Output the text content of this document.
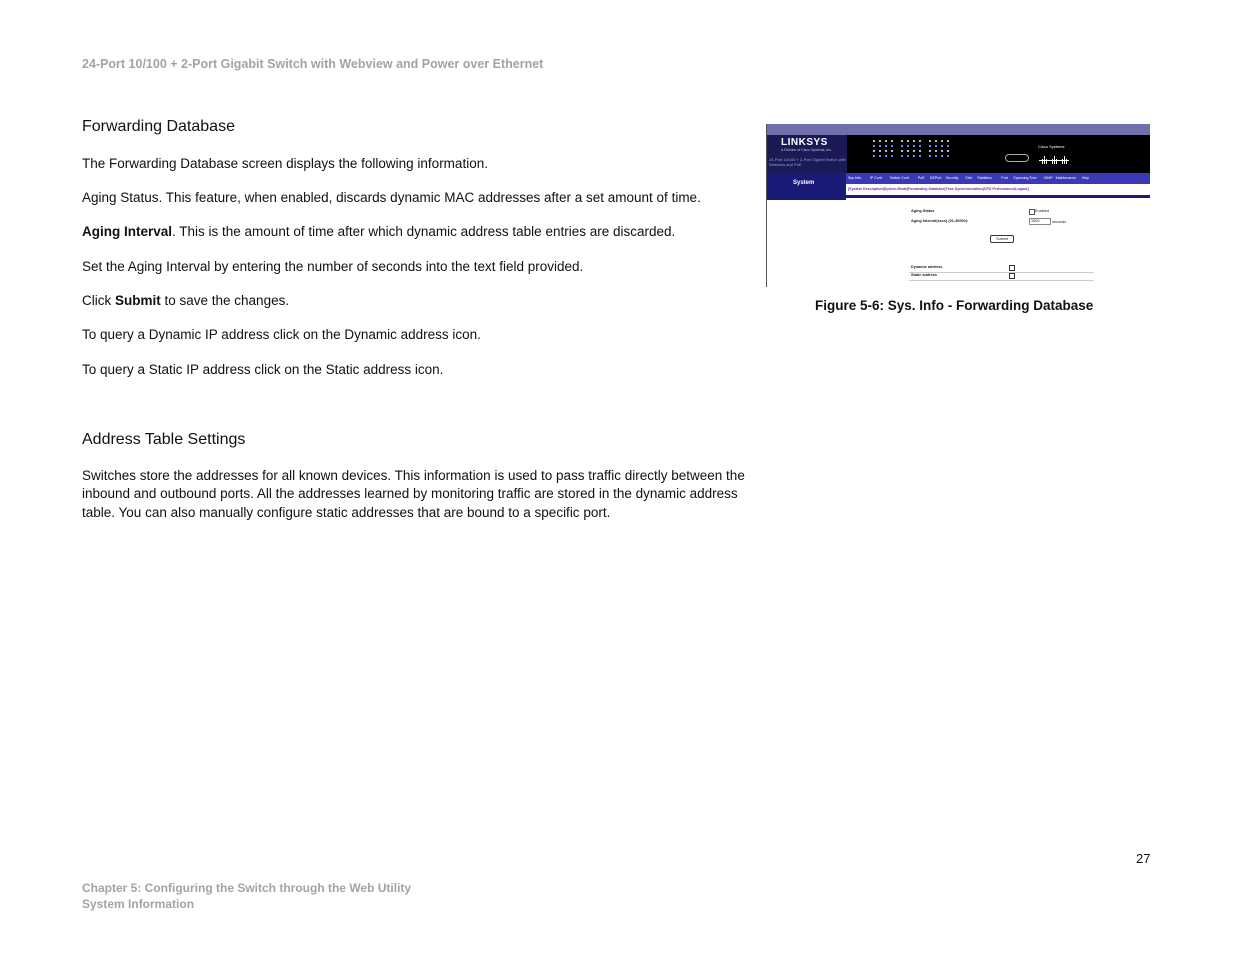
24-Port 10/100 + 2-Port Gigabit Switch with Webview and Power over Ethernet
Forwarding Database
The Forwarding Database screen displays the following information.
Aging Status. This feature, when enabled, discards dynamic MAC addresses after a set amount of time.
Aging Interval. This is the amount of time after which dynamic address table entries are discarded.
Set the Aging Interval by entering the number of seconds into the text field provided.
Click Submit to save the changes.
To query a Dynamic IP address click on the Dynamic address icon.
To query a Static IP address click on the Static address icon.
Address Table Settings
Switches store the addresses for all known devices. This information is used to pass traffic directly between the
inbound and outbound ports. All the addresses learned by monitoring traffic are stored in the dynamic address
table. You can also manually configure static addresses that are bound to a specific port.
LINKSYS
A Division of Cisco Systems, Inc.
24-Port 10/100 + 2-Port Gigabit Switch with Webview and PoE
Cisco Systems
System
Sys.Info. IP Conf. Switch Conf. PoE DEPort Security Stat Statistics	Port Spanning Tree IGMP Maintenance Help
[System Description|System Mode|Forwarding Database|Time Synchronization|CPU Performance|Logout]
Aging Status	Enabled
Aging Interval(secs) (01-30000):	1500	seconds
Submit
Dynamic address
Static address
Figure 5-6: Sys. Info - Forwarding Database
27
Chapter 5: Configuring the Switch through the Web Utility
System Information
